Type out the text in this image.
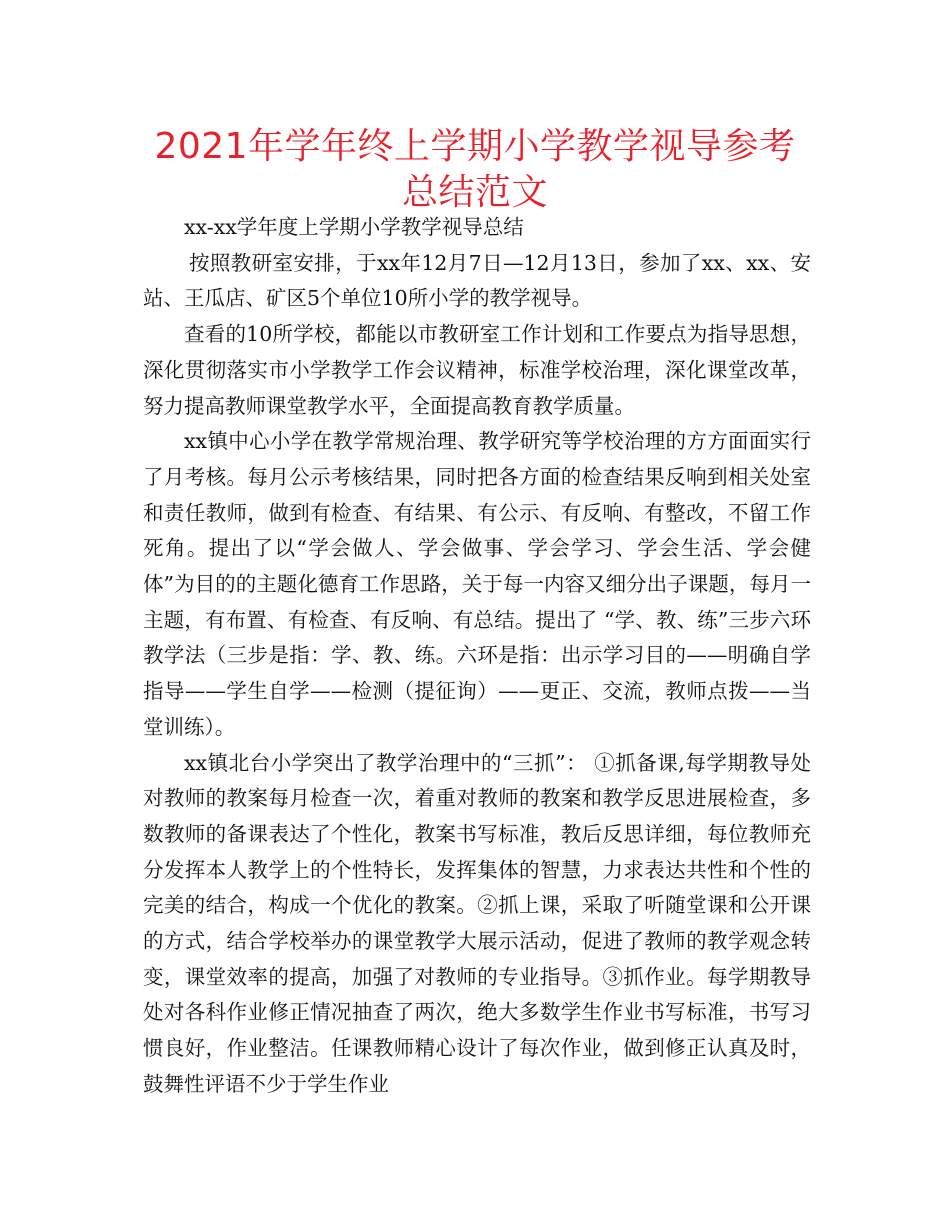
2021年学年终上学期小学教学视导参考总结范文

xx-xx学年度上学期小学教学视导总结

按照教研室安排，于xx年12月7日—12月13日，参加了xx、xx、安站、王瓜店、矿区5个单位10所小学的教学视导。

查看的10所学校，都能以市教研室工作计划和工作要点为指导思想，深化贯彻落实市小学教学工作会议精神，标准学校治理，深化课堂改革，努力提高教师课堂教学水平，全面提高教育教学质量。

xx镇中心小学在教学常规治理、教学研究等学校治理的方方面面实行了月考核。每月公示考核结果，同时把各方面的检查结果反响到相关处室和责任教师，做到有检查、有结果、有公示、有反响、有整改，不留工作死角。提出了以“学会做人、学会做事、学会学习、学会生活、学会健体”为目的的主题化德育工作思路，关于每一内容又细分出子课题，每月一主题，有布置、有检查、有反响、有总结。提出了 “学、教、练”三步六环教学法（三步是指：学、教、练。六环是指：出示学习目的——明确自学指导——学生自学——检测（提征询）——更正、交流，教师点拨——当堂训练）。

xx镇北台小学突出了教学治理中的“三抓”： ①抓备课,每学期教导处对教师的教案每月检查一次，着重对教师的教案和教学反思进展检查，多数教师的备课表达了个性化，教案书写标准，教后反思详细，每位教师充分发挥本人教学上的个性特长，发挥集体的智慧，力求表达共性和个性的完美的结合，构成一个优化的教案。②抓上课，采取了听随堂课和公开课的方式，结合学校举办的课堂教学大展示活动，促进了教师的教学观念转变，课堂效率的提高，加强了对教师的专业指导。③抓作业。每学期教导处对各科作业修正情况抽查了两次，绝大多数学生作业书写标准，书写习惯良好，作业整洁。任课教师精心设计了每次作业，做到修正认真及时，鼓舞性评语不少于学生作业
